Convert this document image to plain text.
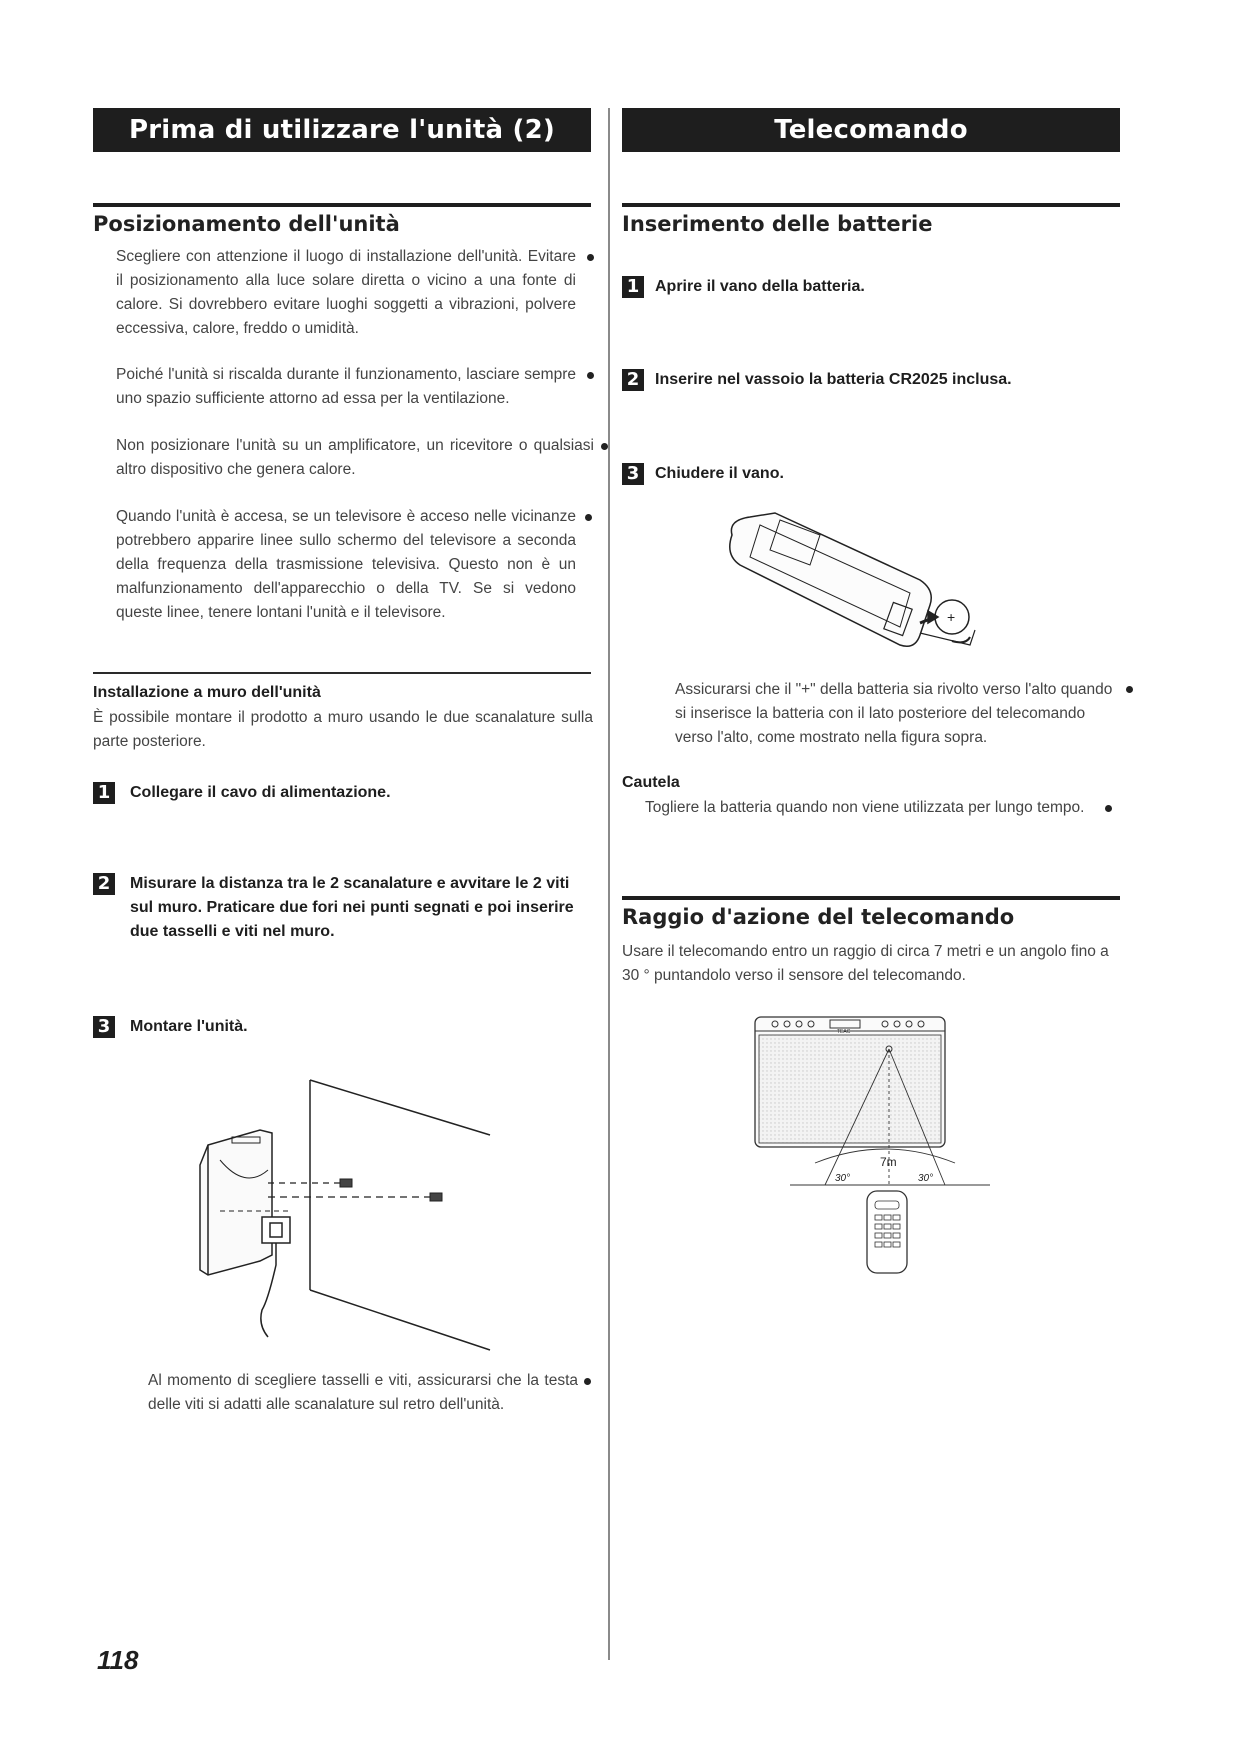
Prima di utilizzare l'unità (2)
Posizionamento dell'unità
Scegliere con attenzione il luogo di installazione dell'unità. Evitare il posizionamento alla luce solare diretta o vicino a una fonte di calore. Si dovrebbero evitare luoghi soggetti a vibrazioni, polvere eccessiva, calore, freddo o umidità.
Poiché l'unità si riscalda durante il funzionamento, lasciare sempre uno spazio sufficiente attorno ad essa per la ventilazione.
Non posizionare l'unità su un amplificatore, un ricevitore o qualsiasi altro dispositivo che genera calore.
Quando l'unità è accesa, se un televisore è acceso nelle vicinanze potrebbero apparire linee sullo schermo del televisore a seconda della frequenza della trasmissione televisiva. Questo non è un malfunzionamento dell'apparecchio o della TV. Se si vedono queste linee, tenere lontani l'unità e il televisore.
Installazione a muro dell'unità
È possibile montare il prodotto a muro usando le due scanalature sulla parte posteriore.
1 Collegare il cavo di alimentazione.
2 Misurare la distanza tra le 2 scanalature e avvitare le 2 viti sul muro. Praticare due fori nei punti segnati e poi inserire due tasselli e viti nel muro.
3 Montare l'unità.
Al momento di scegliere tasselli e viti, assicurarsi che la testa delle viti si adatti alle scanalature sul retro dell'unità.
118
Telecomando
Inserimento delle batterie
1 Aprire il vano della batteria.
2 Inserire nel vassoio la batteria CR2025 inclusa.
3 Chiudere il vano.
+
Assicurarsi che il "+" della batteria sia rivolto verso l'alto quando si inserisce la batteria con il lato posteriore del telecomando verso l'alto, come mostrato nella figura sopra.
Cautela
Togliere la batteria quando non viene utilizzata per lungo tempo.
Raggio d'azione del telecomando
Usare il telecomando entro un raggio di circa 7 metri e un angolo fino a 30 ° puntandolo verso il sensore del telecomando.
TEAC
7m
30°	30°
